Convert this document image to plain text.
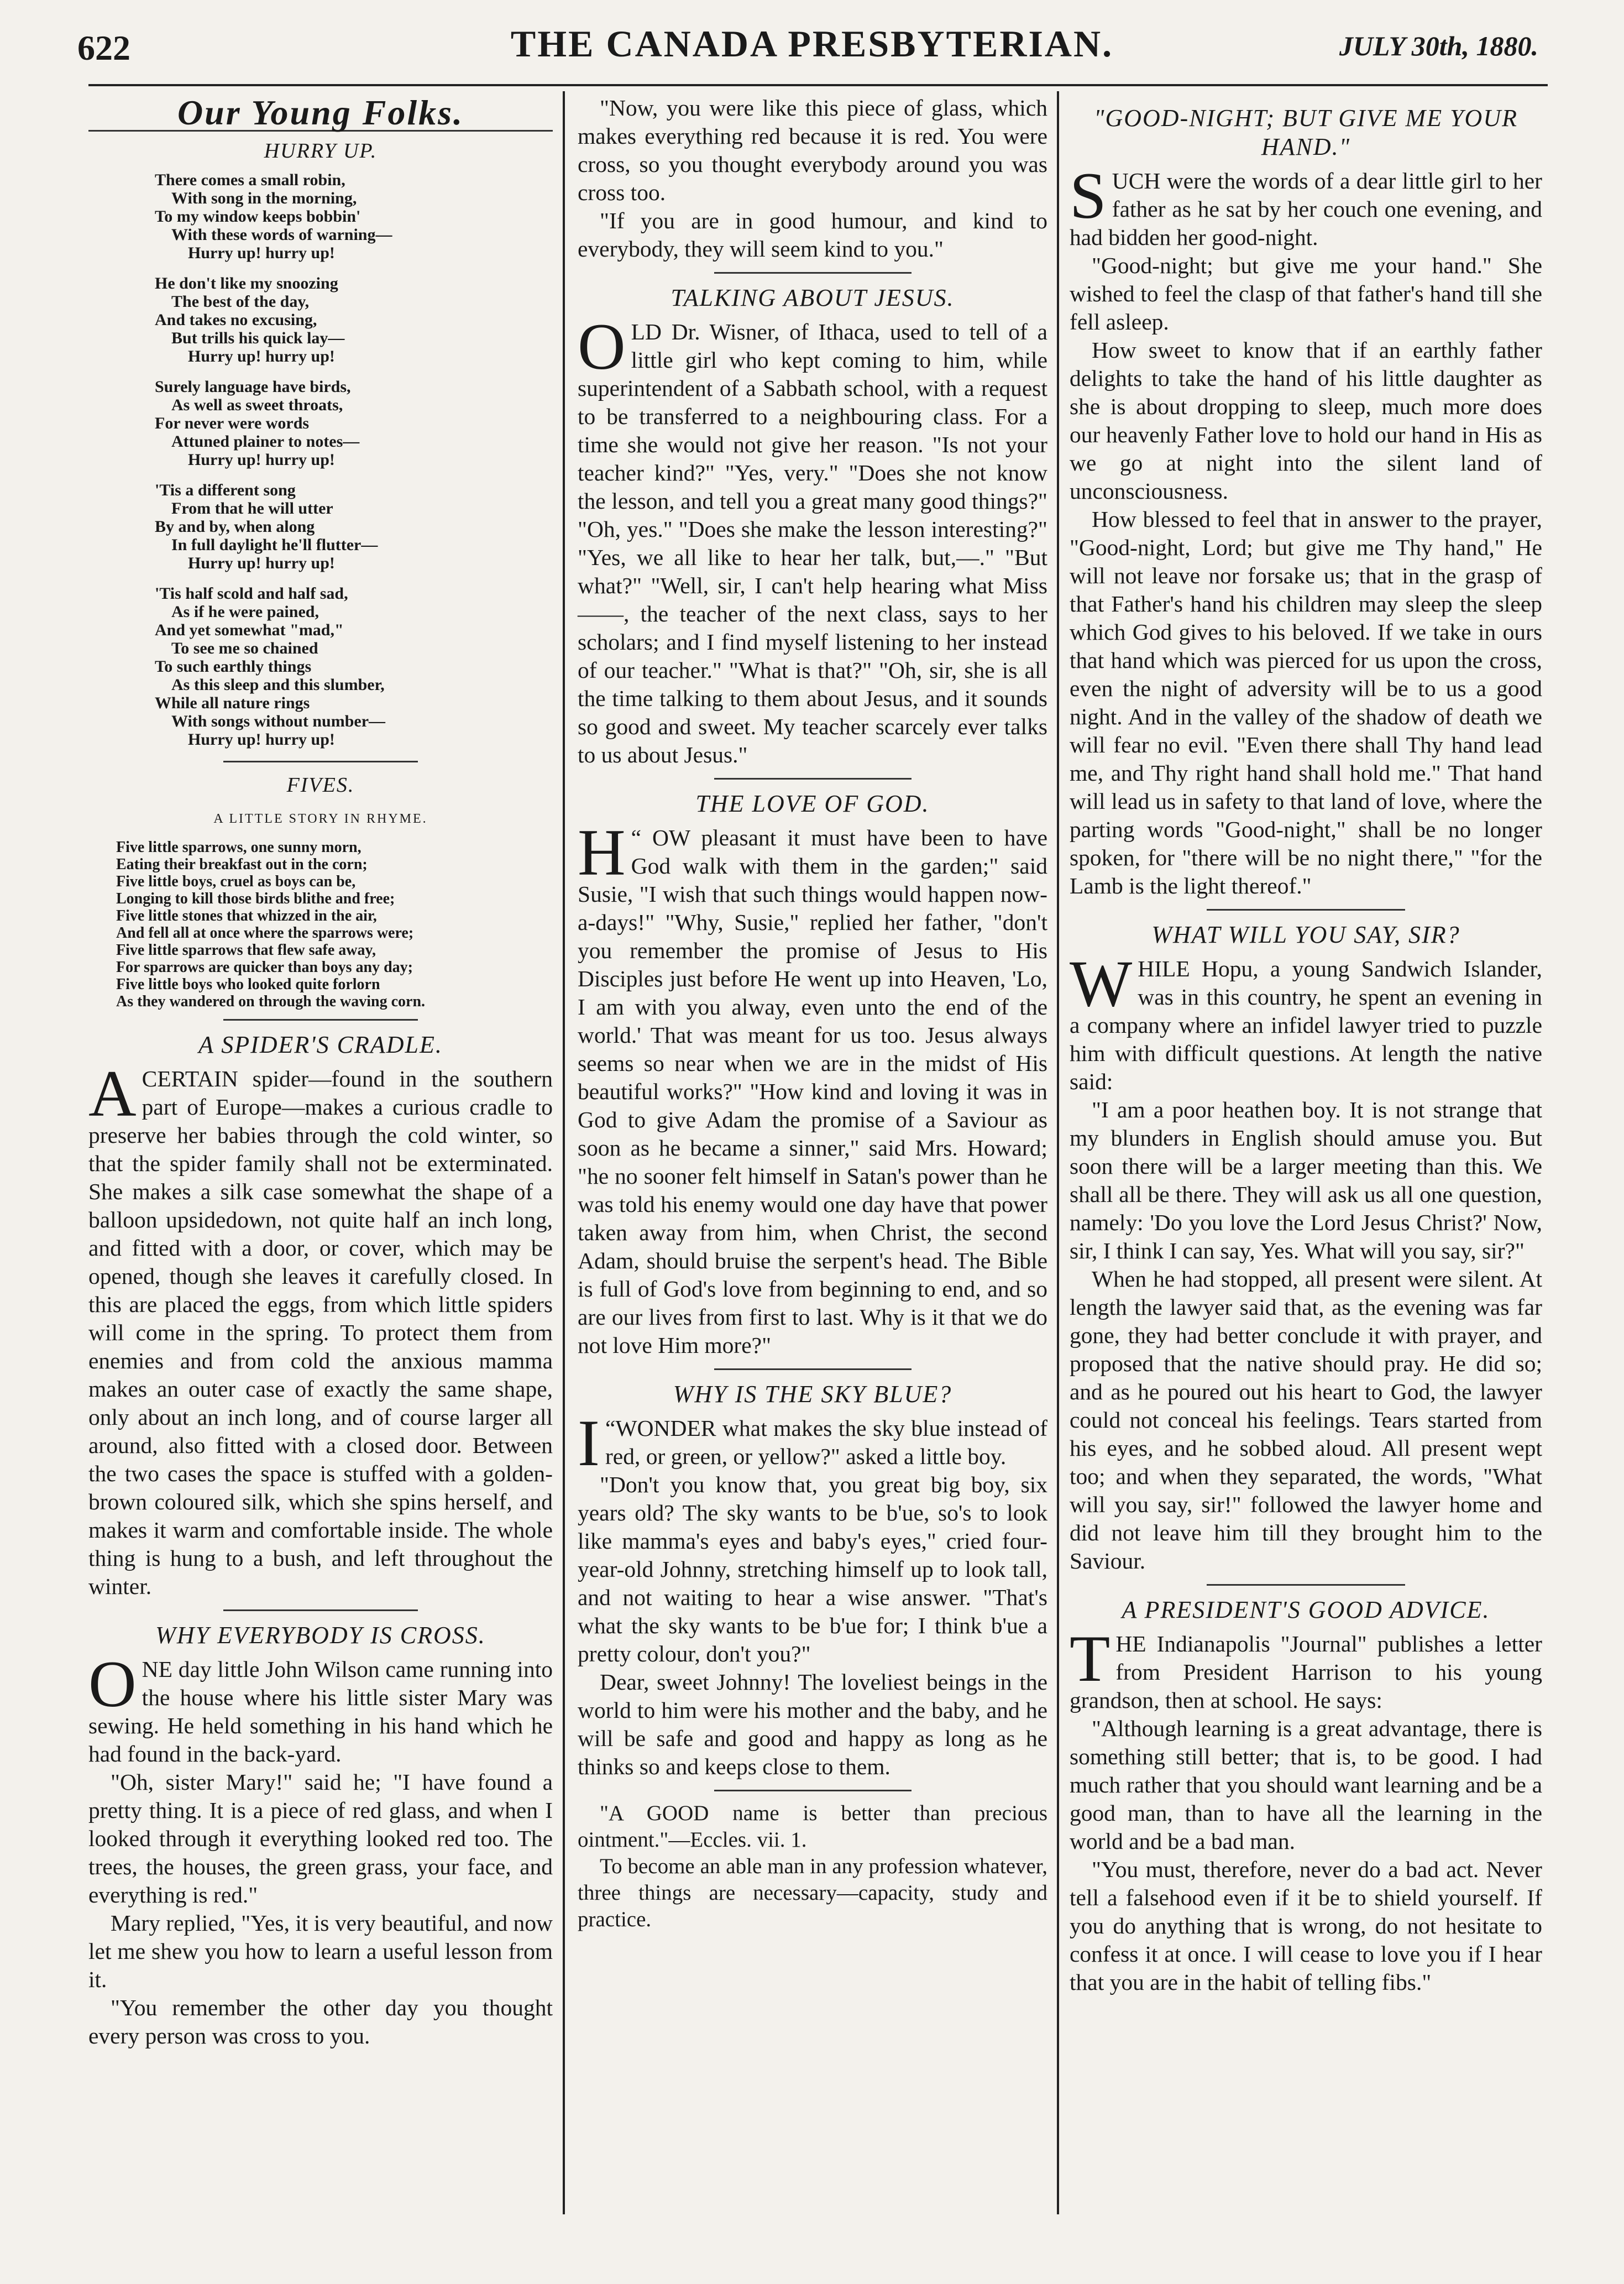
622	THE CANADA PRESBYTERIAN.	JULY 30th, 1880.
Our Young Folks.
HURRY UP.
There comes a small robin,
With song in the morning,
To my window keeps bobbin'
With these words of warning—
Hurry up! hurry up!
He don't like my snoozing
The best of the day,
And takes no excusing,
But trills his quick lay—
Hurry up! hurry up!
Surely language have birds,
As well as sweet throats,
For never were words
Attuned plainer to notes—
Hurry up! hurry up!
'Tis a different song
From that he will utter
By and by, when along
In full daylight he'll flutter—
Hurry up! hurry up!
'Tis half scold and half sad,
As if he were pained,
And yet somewhat "mad,"
To see me so chained
To such earthly things
As this sleep and this slumber,
While all nature rings
With songs without number—
Hurry up! hurry up!
FIVES.
A LITTLE STORY IN RHYME.
Five little sparrows, one sunny morn,
Eating their breakfast out in the corn;
Five little boys, cruel as boys can be,
Longing to kill those birds blithe and free;
Five little stones that whizzed in the air,
And fell all at once where the sparrows were;
Five little sparrows that flew safe away,
For sparrows are quicker than boys any day;
Five little boys who looked quite forlorn
As they wandered on through the waving corn.
A SPIDER'S CRADLE.

ACERTAIN spider—found in the southern part of Europe—makes a curious cradle to preserve her babies through the cold winter, so that the spider family shall not be exterminated. She makes a silk case somewhat the shape of a balloon upsidedown, not quite half an inch long, and fitted with a door, or cover, which may be opened, though she leaves it carefully closed. In this are placed the eggs, from which little spiders will come in the spring. To protect them from enemies and from cold the anxious mamma makes an outer case of exactly the same shape, only about an inch long, and of course larger all around, also fitted with a closed door. Between the two cases the space is stuffed with a golden-brown coloured silk, which she spins herself, and makes it warm and comfortable inside. The whole thing is hung to a bush, and left throughout the winter.

WHY EVERYBODY IS CROSS.

ONE day little John Wilson came running into the house where his little sister Mary was sewing. He held something in his hand which he had found in the back-yard.

"Oh, sister Mary!" said he; "I have found a pretty thing. It is a piece of red glass, and when I looked through it everything looked red too. The trees, the houses, the green grass, your face, and everything is red."

Mary replied, "Yes, it is very beautiful, and now let me shew you how to learn a useful lesson from it.

"You remember the other day you thought every person was cross to you.

"Now, you were like this piece of glass, which makes everything red because it is red. You were cross, so you thought everybody around you was cross too.

"If you are in good humour, and kind to everybody, they will seem kind to you."

TALKING ABOUT JESUS.

OLD Dr. Wisner, of Ithaca, used to tell of a little girl who kept coming to him, while superintendent of a Sabbath school, with a request to be transferred to a neighbouring class. For a time she would not give her reason. "Is not your teacher kind?" "Yes, very." "Does she not know the lesson, and tell you a great many good things?" "Oh, yes." "Does she make the lesson interesting?" "Yes, we all like to hear her talk, but,—." "But what?" "Well, sir, I can't help hearing what Miss——, the teacher of the next class, says to her scholars; and I find myself listening to her instead of our teacher." "What is that?" "Oh, sir, she is all the time talking to them about Jesus, and it sounds so good and sweet. My teacher scarcely ever talks to us about Jesus."

THE LOVE OF GOD.

“
H OW pleasant it must have been to have God walk with them in the garden;" said Susie, "I wish that such things would happen now-a-days!" "Why, Susie," replied her father, "don't you remember the promise of Jesus to His Disciples just before He went up into Heaven, 'Lo, I am with you alway, even unto the end of the world.' That was meant for us too. Jesus always seems so near when we are in the midst of His beautiful works?" "How kind and loving it was in God to give Adam the promise of a Saviour as soon as he became a sinner," said Mrs. Howard; "he no sooner felt himself in Satan's power than he was told his enemy would one day have that power taken away from him, when Christ, the second Adam, should bruise the serpent's head. The Bible is full of God's love from beginning to end, and so are our lives from first to last. Why is it that we do not love Him more?"

WHY IS THE SKY BLUE?

“
I WONDER what makes the sky blue instead of red, or green, or yellow?" asked a little boy.

"Don't you know that, you great big boy, six years old? The sky wants to be b'ue, so's to look like mamma's eyes and baby's eyes," cried four-year-old Johnny, stretching himself up to look tall, and not waiting to hear a wise answer. "That's what the sky wants to be b'ue for; I think b'ue a pretty colour, don't you?"

Dear, sweet Johnny! The loveliest beings in the world to him were his mother and the baby, and he will be safe and good and happy as long as he thinks so and keeps close to them.

"A GOOD name is better than precious ointment."—Eccles. vii. 1.

To become an able man in any profession whatever, three things are necessary—capacity, study and practice.

"GOOD-NIGHT; BUT GIVE ME YOUR HAND."

SUCH were the words of a dear little girl to her father as he sat by her couch one evening, and had bidden her good-night.

"Good-night; but give me your hand." She wished to feel the clasp of that father's hand till she fell asleep.

How sweet to know that if an earthly father delights to take the hand of his little daughter as she is about dropping to sleep, much more does our heavenly Father love to hold our hand in His as we go at night into the silent land of unconsciousness.

How blessed to feel that in answer to the prayer, "Good-night, Lord; but give me Thy hand," He will not leave nor forsake us; that in the grasp of that Father's hand his children may sleep the sleep which God gives to his beloved. If we take in ours that hand which was pierced for us upon the cross, even the night of adversity will be to us a good night. And in the valley of the shadow of death we will fear no evil. "Even there shall Thy hand lead me, and Thy right hand shall hold me." That hand will lead us in safety to that land of love, where the parting words "Good-night," shall be no longer spoken, for "there will be no night there," "for the Lamb is the light thereof."

WHAT WILL YOU SAY, SIR?

WHILE Hopu, a young Sandwich Islander, was in this country, he spent an evening in a company where an infidel lawyer tried to puzzle him with difficult questions. At length the native said:

"I am a poor heathen boy. It is not strange that my blunders in English should amuse you. But soon there will be a larger meeting than this. We shall all be there. They will ask us all one question, namely: 'Do you love the Lord Jesus Christ?' Now, sir, I think I can say, Yes. What will you say, sir?"

When he had stopped, all present were silent. At length the lawyer said that, as the evening was far gone, they had better conclude it with prayer, and proposed that the native should pray. He did so; and as he poured out his heart to God, the lawyer could not conceal his feelings. Tears started from his eyes, and he sobbed aloud. All present wept too; and when they separated, the words, "What will you say, sir!" followed the lawyer home and did not leave him till they brought him to the Saviour.

A PRESIDENT'S GOOD ADVICE.

THE Indianapolis "Journal" publishes a letter from President Harrison to his young grandson, then at school. He says:

"Although learning is a great advantage, there is something still better; that is, to be good. I had much rather that you should want learning and be a good man, than to have all the learning in the world and be a bad man.

"You must, therefore, never do a bad act. Never tell a falsehood even if it be to shield yourself. If you do anything that is wrong, do not hesitate to confess it at once. I will cease to love you if I hear that you are in the habit of telling fibs."
